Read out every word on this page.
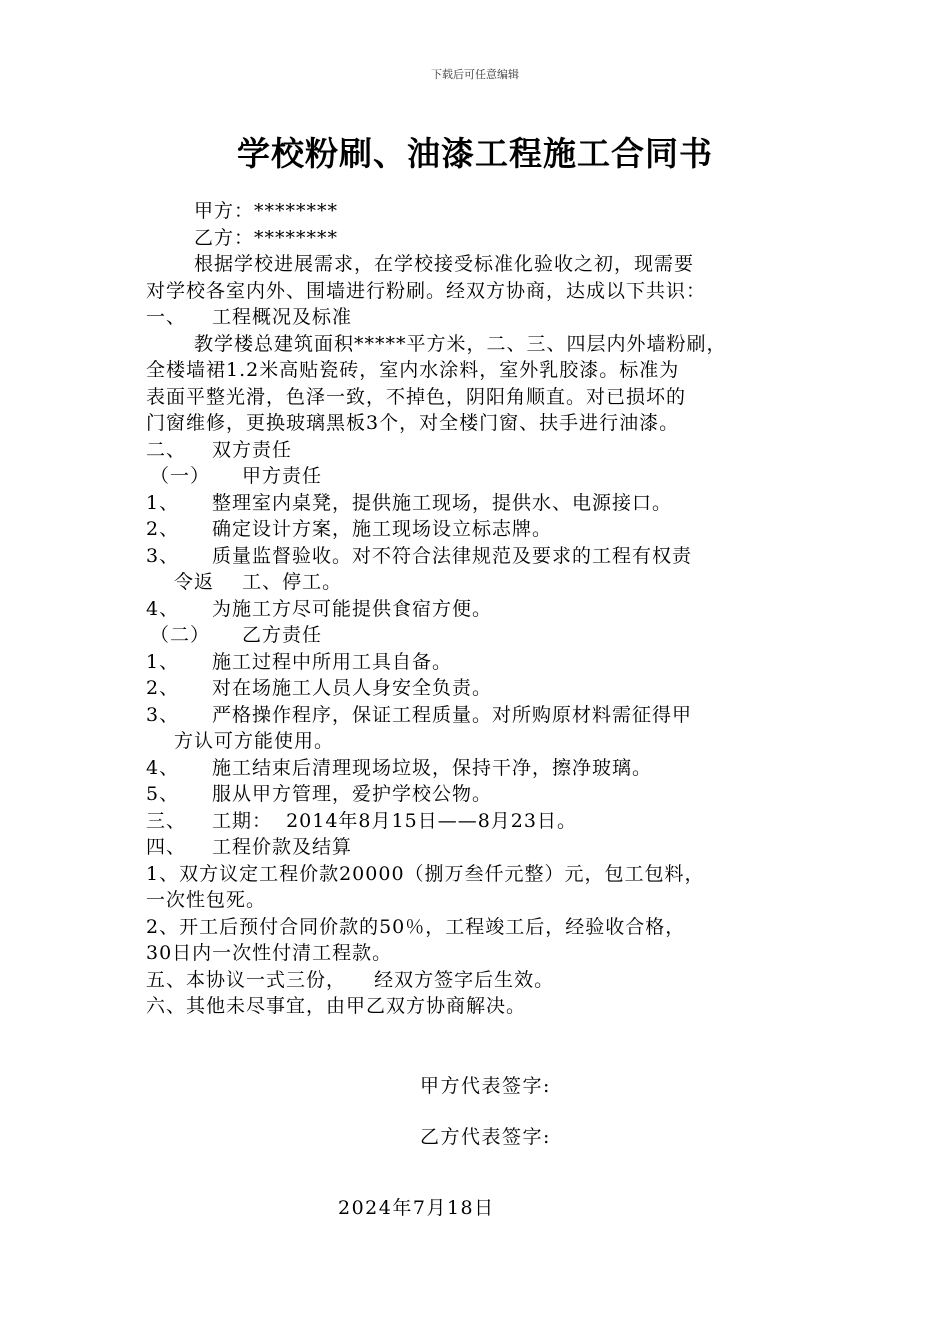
下载后可任意编辑
学校粉刷、油漆工程施工合同书
甲方：********
乙方：********
根据学校进展需求，在学校接受标准化验收之初，现需要
对学校各室内外、围墙进行粉刷。经双方协商，达成以下共识：
一、	工程概况及标准
教学楼总建筑面积*****平方米，二、三、四层内外墙粉刷，
全楼墙裙1.2米高贴瓷砖，室内水涂料，室外乳胶漆。标准为
表面平整光滑，色泽一致，不掉色，阴阳角顺直。对已损坏的
门窗维修，更换玻璃黑板3个，对全楼门窗、扶手进行油漆。
二、	双方责任
（一） 甲方责任
1、	整理室内桌凳，提供施工现场，提供水、电源接口。
2、	确定设计方案，施工现场设立标志牌。
3、	质量监督验收。对不符合法律规范及要求的工程有权责
令返    工、停工。
4、	为施工方尽可能提供食宿方便。
（二） 乙方责任
1、	施工过程中所用工具自备。
2、	对在场施工人员人身安全负责。
3、	严格操作程序，保证工程质量。对所购原材料需征得甲
方认可方能使用。
4、	施工结束后清理现场垃圾，保持干净，擦净玻璃。
5、	服从甲方管理，爱护学校公物。
三、	工期：  2014年8月15日——8月23日。
四、	工程价款及结算
1、双方议定工程价款20000（捌万叁仟元整）元，包工包料，
一次性包死。
2、开工后预付合同价款的50％，工程竣工后，经验收合格，
30日内一次性付清工程款。
五、本协议一式三份，    经双方签字后生效。
六、其他未尽事宜，由甲乙双方协商解决。
甲方代表签字:
乙方代表签字:
2024年7月18日
